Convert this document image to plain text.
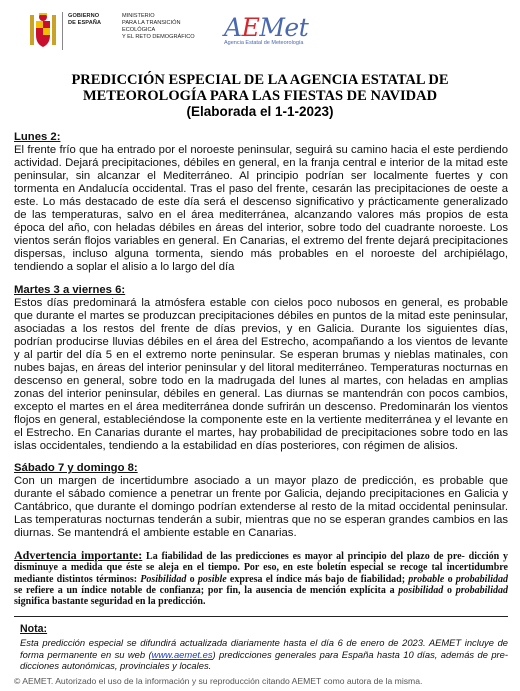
GOBIERNO
DE ESPAÑA
MINISTERIO
PARA LA TRANSICIÓN ECOLÓGICA
Y EL RETO DEMOGRÁFICO	AEMet
Agencia Estatal de Meteorología
PREDICCIÓN ESPECIAL DE LA AGENCIA ESTATAL DE
METEOROLOGÍA PARA LAS FIESTAS DE NAVIDAD
(Elaborada el 1-1-2023)

Lunes 2:

El frente frío que ha entrado por el noroeste peninsular, seguirá su camino hacia el este perdiendo actividad. Dejará precipitaciones, débiles en general, en la franja central e interior de la mitad este peninsular, sin alcanzar el Mediterráneo. Al principio podrían ser localmente fuertes y con tormenta en Andalucía occidental. Tras el paso del frente, cesarán las precipitaciones de oeste a este. Lo más destacado de este día será el descenso significativo y prácticamente generalizado de las temperaturas, salvo en el área mediterránea, alcanzando valores más propios de esta época del año, con heladas débiles en áreas del interior, sobre todo del cuadrante noroeste. Los vientos serán flojos variables en general. En Canarias, el extremo del frente dejará precipitaciones dispersas, incluso alguna tormenta, siendo más probables en el noroeste del archipiélago, tendiendo a soplar el alisio a lo largo del día

Martes 3 a viernes 6:

Estos días predominará la atmósfera estable con cielos poco nubosos en general, es probable que durante el martes se produzcan precipitaciones débiles en puntos de la mitad este peninsular, asociadas a los restos del frente de días previos, y en Galicia. Durante los siguientes días, podrían producirse lluvias débiles en el área del Estrecho, acompañando a los vientos de levante y al partir del día 5 en el extremo norte peninsular. Se esperan brumas y nieblas matinales, con nubes bajas, en áreas del interior peninsular y del litoral mediterráneo. Temperaturas nocturnas en descenso en general, sobre todo en la madrugada del lunes al martes, con heladas en amplias zonas del interior peninsular, débiles en general. Las diurnas se mantendrán con pocos cambios, excepto el martes en el área mediterránea donde sufrirán un descenso. Predominarán los vientos flojos en general, estableciéndose la componente este en la vertiente mediterránea y el levante en el Estrecho. En Canarias durante el martes, hay probabilidad de precipitaciones sobre todo en las islas occidentales, tendiendo a la estabilidad en días posteriores, con régimen de alisios.

Sábado 7 y domingo 8:

Con un margen de incertidumbre asociado a un mayor plazo de predicción, es probable que durante el sábado comience a penetrar un frente por Galicia, dejando precipitaciones en Galicia y Cantábrico, que durante el domingo podrían extenderse al resto de la mitad occidental peninsular. Las temperaturas nocturnas tenderán a subir, mientras que no se esperan grandes cambios en las diurnas. Se mantendrá el ambiente estable en Canarias.

Advertencia importante: La fiabilidad de las predicciones es mayor al principio del plazo de pre- dicción y disminuye a medida que éste se aleja en el tiempo. Por eso, en este boletín especial se recoge tal incertidumbre mediante distintos términos: Posibilidad o posible expresa el índice más bajo de fiabilidad; probable o probabilidad se refiere a un índice notable de confianza; por fin, la ausencia de mención explícita a posibilidad o probabilidad significa bastante seguridad en la predicción.
Nota:

Esta predicción especial se difundirá actualizada diariamente hasta el día 6 de enero de 2023. AEMET incluye de forma permanente en su web (www.aemet.es) predicciones generales para España hasta 10 días, además de pre- dicciones autonómicas, provinciales y locales.

© AEMET. Autorizado el uso de la información y su reproducción citando AEMET como autora de la misma.
